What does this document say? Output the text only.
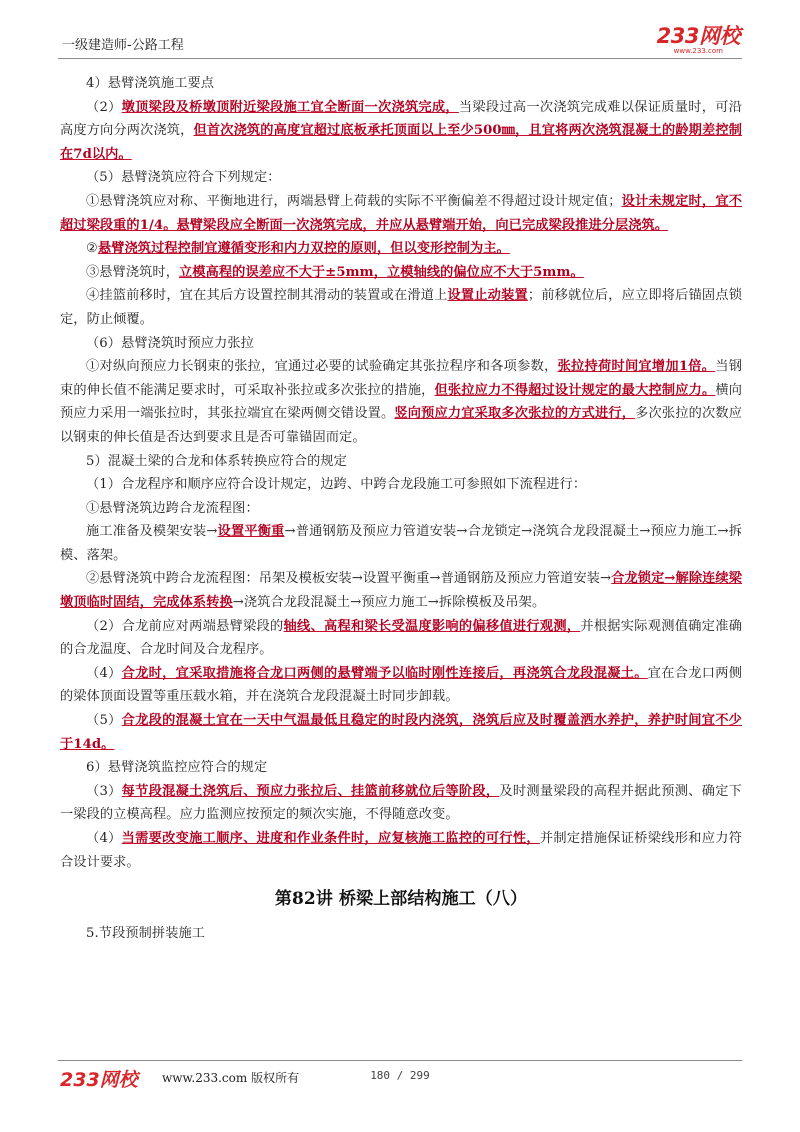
一级建造师-公路工程	233网校
www.233.com

4）悬臂浇筑施工要点

（2）墩顶梁段及桥墩顶附近梁段施工宜全断面一次浇筑完成，当梁段过高一次浇筑完成难以保证质量时，可沿高度方向分两次浇筑，但首次浇筑的高度宜超过底板承托顶面以上至少500㎜，且宜将两次浇筑混凝土的龄期差控制在7d以内。

（5）悬臂浇筑应符合下列规定：

①悬臂浇筑应对称、平衡地进行，两端悬臂上荷载的实际不平衡偏差不得超过设计规定值；设计未规定时，宜不超过梁段重的1/4。悬臂梁段应全断面一次浇筑完成，并应从悬臂端开始，向已完成梁段推进分层浇筑。

②悬臂浇筑过程控制宜遵循变形和内力双控的原则，但以变形控制为主。

③悬臂浇筑时，立模高程的误差应不大于±5mm，立模轴线的偏位应不大于5mm。

④挂篮前移时，宜在其后方设置控制其滑动的装置或在滑道上设置止动装置；前移就位后，应立即将后锚固点锁定，防止倾覆。

（6）悬臂浇筑时预应力张拉

①对纵向预应力长钢束的张拉，宜通过必要的试验确定其张拉程序和各项参数，张拉持荷时间宜增加1倍。当钢束的伸长值不能满足要求时，可采取补张拉或多次张拉的措施，但张拉应力不得超过设计规定的最大控制应力。横向预应力采用一端张拉时，其张拉端宜在梁两侧交错设置。竖向预应力宜采取多次张拉的方式进行，多次张拉的次数应以钢束的伸长值是否达到要求且是否可靠锚固而定。

5）混凝土梁的合龙和体系转换应符合的规定

（1）合龙程序和顺序应符合设计规定，边跨、中跨合龙段施工可参照如下流程进行：

①悬臂浇筑边跨合龙流程图：

施工准备及模架安装→设置平衡重→普通钢筋及预应力管道安装→合龙锁定→浇筑合龙段混凝土→预应力施工→拆模、落架。

②悬臂浇筑中跨合龙流程图：吊架及模板安装→设置平衡重→普通钢筋及预应力管道安装→合龙锁定→解除连续梁墩顶临时固结，完成体系转换→浇筑合龙段混凝土→预应力施工→拆除模板及吊架。

（2）合龙前应对两端悬臂梁段的轴线、高程和梁长受温度影响的偏移值进行观测，并根据实际观测值确定准确的合龙温度、合龙时间及合龙程序。

（4）合龙时，宜采取措施将合龙口两侧的悬臂端予以临时刚性连接后，再浇筑合龙段混凝土。宜在合龙口两侧的梁体顶面设置等重压载水箱，并在浇筑合龙段混凝土时同步卸载。

（5）合龙段的混凝土宜在一天中气温最低且稳定的时段内浇筑，浇筑后应及时覆盖洒水养护，养护时间宜不少于14d。

6）悬臂浇筑监控应符合的规定

（3）每节段混凝土浇筑后、预应力张拉后、挂篮前移就位后等阶段，及时测量梁段的高程并据此预测、确定下一梁段的立模高程。应力监测应按预定的频次实施，不得随意改变。

（4）当需要改变施工顺序、进度和作业条件时，应复核施工监控的可行性，并制定措施保证桥梁线形和应力符合设计要求。

第82讲 桥梁上部结构施工（八）

5.节段预制拼装施工

233网校 www.233.com 版权所有	180 / 299
